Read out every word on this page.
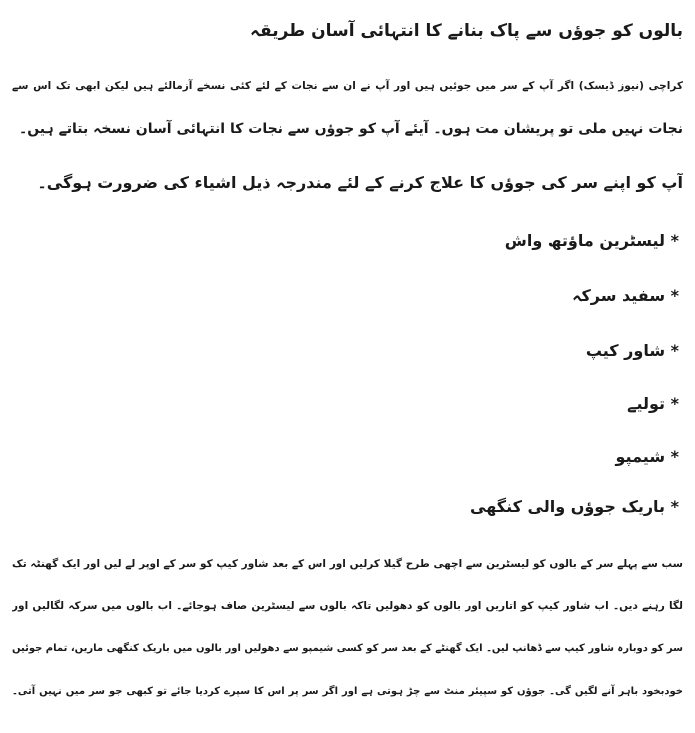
بالوں کو جوؤں سے پاک بنانے کا انتہائی آسان طریقہ
کراچی (نیوز ڈیسک) اگر آپ کے سر میں جوئیں ہیں اور آپ نے ان سے نجات کے لئے کئی نسخے آزمالئے ہیں لیکن ابھی تک اس سے
نجات نہیں ملی تو پریشان مت ہوں۔ آیئے آپ کو جوؤں سے نجات کا انتہائی آسان نسخہ بتاتے ہیں۔
آپ کو اپنے سر کی جوؤں کا علاج کرنے کے لئے مندرجہ ذیل اشیاء کی ضرورت ہوگی۔
* لیسٹرین ماؤتھ واش
* سفید سرکہ
* شاور کیپ
* تولیے
* شیمپو
* باریک جوؤں والی کنگھی
سب سے پہلے سر کے بالوں کو لیسٹرین سے اچھی طرح گیلا کرلیں اور اس کے بعد شاور کیپ کو سر کے اوپر لے لیں اور ایک گھنٹہ تک
لگا رہنے دیں۔ اب شاور کیپ کو اتاریں اور بالوں کو دھولیں تاکہ بالوں سے لیسٹرین صاف ہوجائے۔ اب بالوں میں سرکہ لگالیں اور
سر کو دوبارہ شاور کیپ سے ڈھانپ لیں۔ ایک گھنٹے کے بعد سر کو کسی شیمپو سے دھولیں اور بالوں میں باریک کنگھی ماریں، تمام جوئیں
خودبخود باہر آنے لگیں گی۔ جوؤں کو سپیئر منٹ سے چڑ ہوتی ہے اور اگر سر پر اس کا سپرے کردیا جائے تو کبھی جو سر میں نہیں آتی۔
